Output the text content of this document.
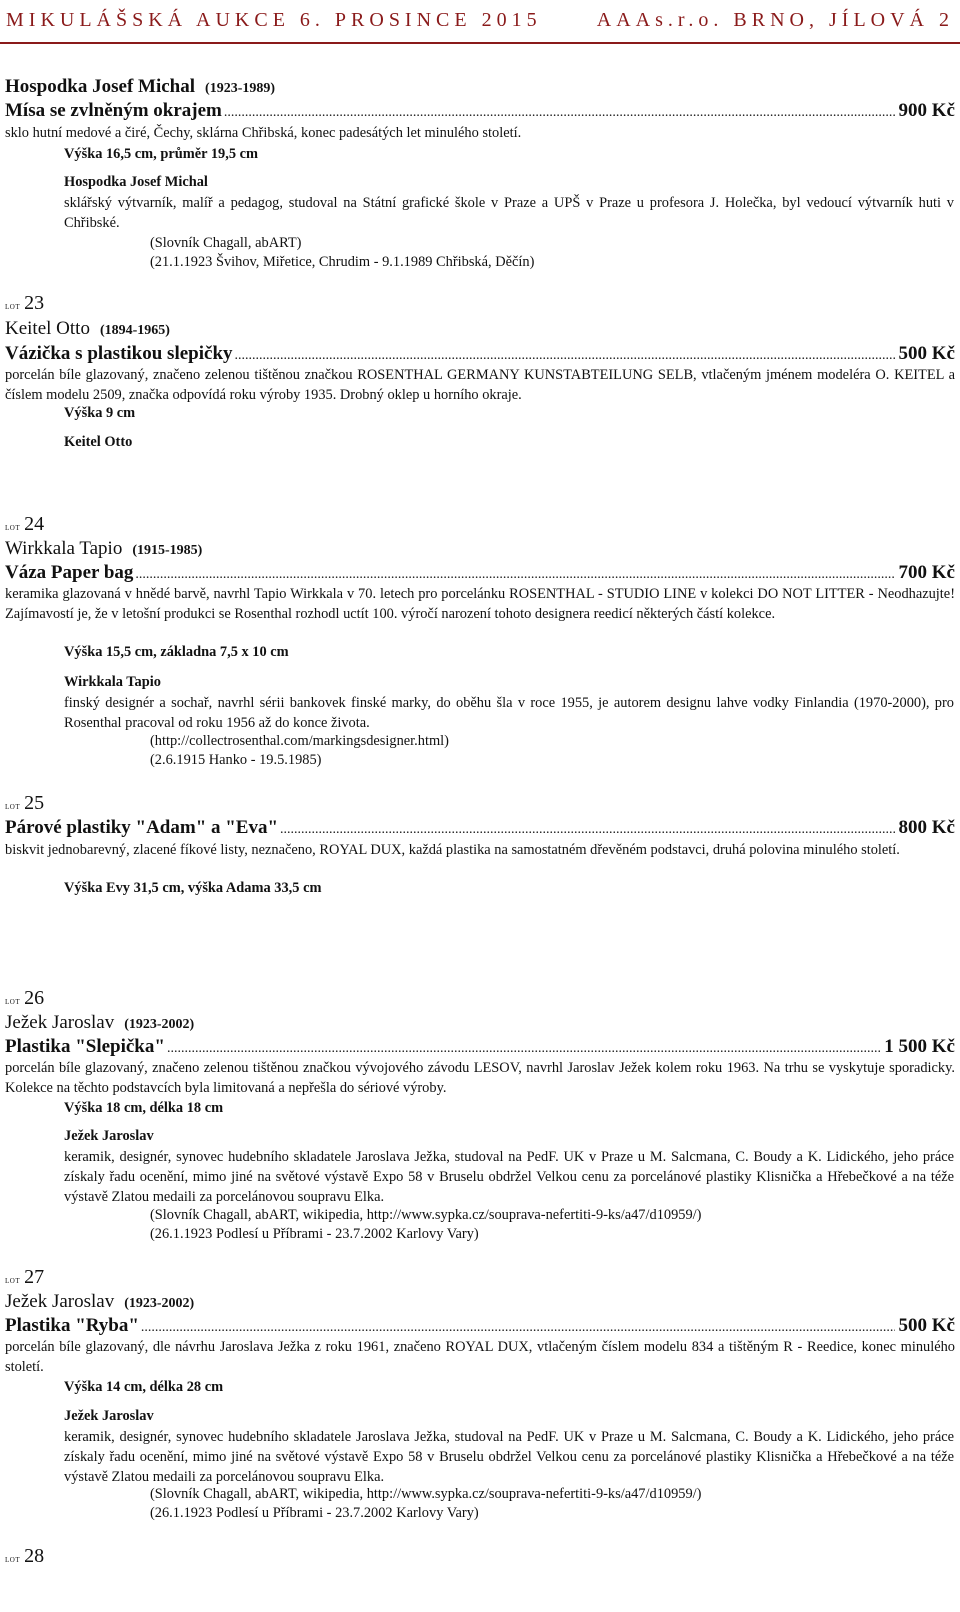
MIKULÁŠSKÁ AUKCE 6. PROSINCE 2015	AAAs.r.o. BRNO, JÍLOVÁ 2
Hospodka Josef Michal (1923-1989)
Mísa se zvlněným okrajem .....	900 Kč
sklo hutní medové a čiré, Čechy, sklárna Chřibská, konec padesátých let minulého století.
Výška 16,5 cm, průměr 19,5 cm
Hospodka Josef Michal
sklářský výtvarník, malíř a pedagog, studoval na Státní grafické škole v Praze a UPŠ v Praze u profesora J. Holečka, byl vedoucí výtvarník huti v Chřibské.
(Slovník Chagall, abART)
(21.1.1923 Švihov, Miřetice, Chrudim - 9.1.1989 Chřibská, Děčín)
LOT 23
Keitel Otto (1894-1965)
Vázička s plastikou slepičky .....	500 Kč
porcelán bíle glazovaný, značeno zelenou tištěnou značkou ROSENTHAL GERMANY KUNSTABTEILUNG SELB, vtlačeným jménem modeléra O. KEITEL a číslem modelu 2509, značka odpovídá roku výroby 1935. Drobný oklep u horního okraje.
Výška 9 cm
Keitel Otto
LOT 24
Wirkkala Tapio (1915-1985)
Váza Paper bag .....	700 Kč
keramika glazovaná v hnědé barvě, navrhl Tapio Wirkkala v 70. letech pro porcelánku ROSENTHAL - STUDIO LINE v kolekci DO NOT LITTER - Neodhazujte! Zajímavostí je, že v letošní produkci se Rosenthal rozhodl uctít 100. výročí narození tohoto designera reedicí některých částí kolekce.
Výška 15,5 cm, základna 7,5 x 10 cm
Wirkkala Tapio
finský designér a sochař, navrhl sérii bankovek finské marky, do oběhu šla v roce 1955, je autorem designu lahve vodky Finlandia (1970-2000), pro Rosenthal pracoval od roku 1956 až do konce života.
(http://collectrosenthal.com/markingsdesigner.html)
(2.6.1915 Hanko - 19.5.1985)
LOT 25
Párové plastiky "Adam" a "Eva" .....	800 Kč
biskvit jednobarevný, zlacené fíkové listy, neznačeno, ROYAL DUX, každá plastika na samostatném dřevěném podstavci, druhá polovina minulého století.
Výška Evy 31,5 cm, výška Adama 33,5 cm
LOT 26
Ježek Jaroslav (1923-2002)
Plastika "Slepička" .....	1 500 Kč
porcelán bíle glazovaný, značeno zelenou tištěnou značkou vývojového závodu LESOV, navrhl Jaroslav Ježek kolem roku 1963. Na trhu se vyskytuje sporadicky. Kolekce na těchto podstavcích byla limitovaná a nepřešla do sériové výroby.
Výška 18 cm, délka 18 cm
Ježek Jaroslav
keramik, designér, synovec hudebního skladatele Jaroslava Ježka, studoval na PedF. UK v Praze u M. Salcmana, C. Boudy a K. Lidického, jeho práce získaly řadu ocenění, mimo jiné na světové výstavě Expo 58 v Bruselu obdržel Velkou cenu za porcelánové plastiky Klisnička a Hřebečkové a na téže výstavě Zlatou medaili za porcelánovou soupravu Elka.
(Slovník Chagall, abART, wikipedia, http://www.sypka.cz/souprava-nefertiti-9-ks/a47/d10959/)
(26.1.1923 Podlesí u Příbrami - 23.7.2002 Karlovy Vary)
LOT 27
Ježek Jaroslav (1923-2002)
Plastika "Ryba" .....	500 Kč
porcelán bíle glazovaný, dle návrhu Jaroslava Ježka z roku 1961, značeno ROYAL DUX, vtlačeným číslem modelu 834 a tištěným R - Reedice, konec minulého století.
Výška 14 cm, délka 28 cm
Ježek Jaroslav
keramik, designér, synovec hudebního skladatele Jaroslava Ježka, studoval na PedF. UK v Praze u M. Salcmana, C. Boudy a K. Lidického, jeho práce získaly řadu ocenění, mimo jiné na světové výstavě Expo 58 v Bruselu obdržel Velkou cenu za porcelánové plastiky Klisnička a Hřebečkové a na téže výstavě Zlatou medaili za porcelánovou soupravu Elka.
(Slovník Chagall, abART, wikipedia, http://www.sypka.cz/souprava-nefertiti-9-ks/a47/d10959/)
(26.1.1923 Podlesí u Příbrami - 23.7.2002 Karlovy Vary)
LOT 28
